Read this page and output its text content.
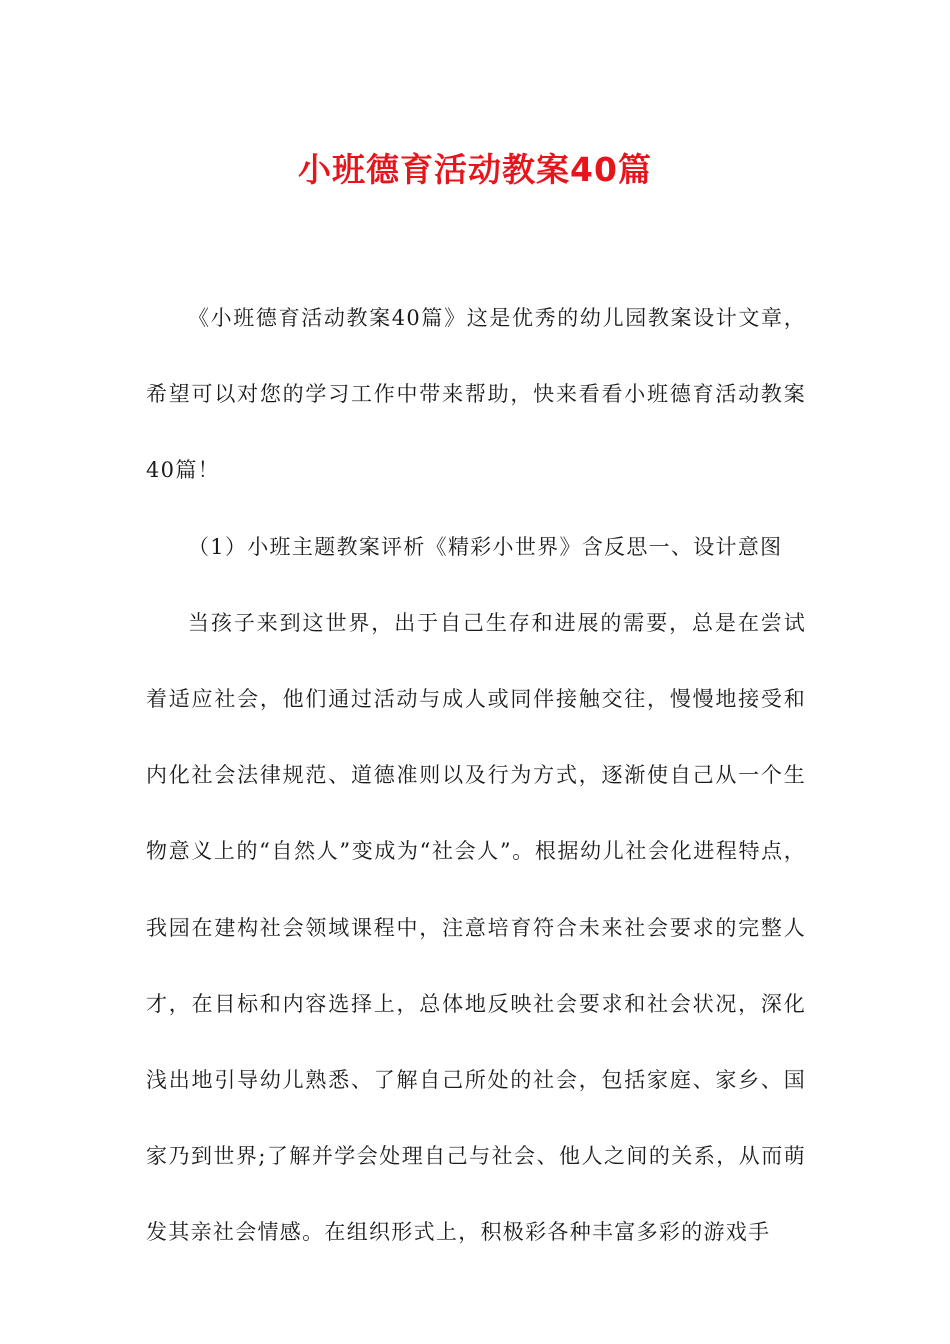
小班德育活动教案40篇

《小班德育活动教案40篇》这是优秀的幼儿园教案设计文章，希望可以对您的学习工作中带来帮助，快来看看小班德育活动教案40篇！

（1）小班主题教案评析《精彩小世界》含反思一、设计意图

当孩子来到这世界，出于自己生存和进展的需要，总是在尝试着适应社会，他们通过活动与成人或同伴接触交往，慢慢地接受和内化社会法律规范、道德准则以及行为方式，逐渐使自己从一个生物意义上的“自然人”变成为“社会人”。根据幼儿社会化进程特点，我园在建构社会领域课程中，注意培育符合未来社会要求的完整人才，在目标和内容选择上，总体地反映社会要求和社会状况，深化浅出地引导幼儿熟悉、了解自己所处的社会，包括家庭、家乡、国家乃到世界;了解并学会处理自己与社会、他人之间的关系，从而萌发其亲社会情感。在组织形式上，积极彩各种丰富多彩的游戏手
